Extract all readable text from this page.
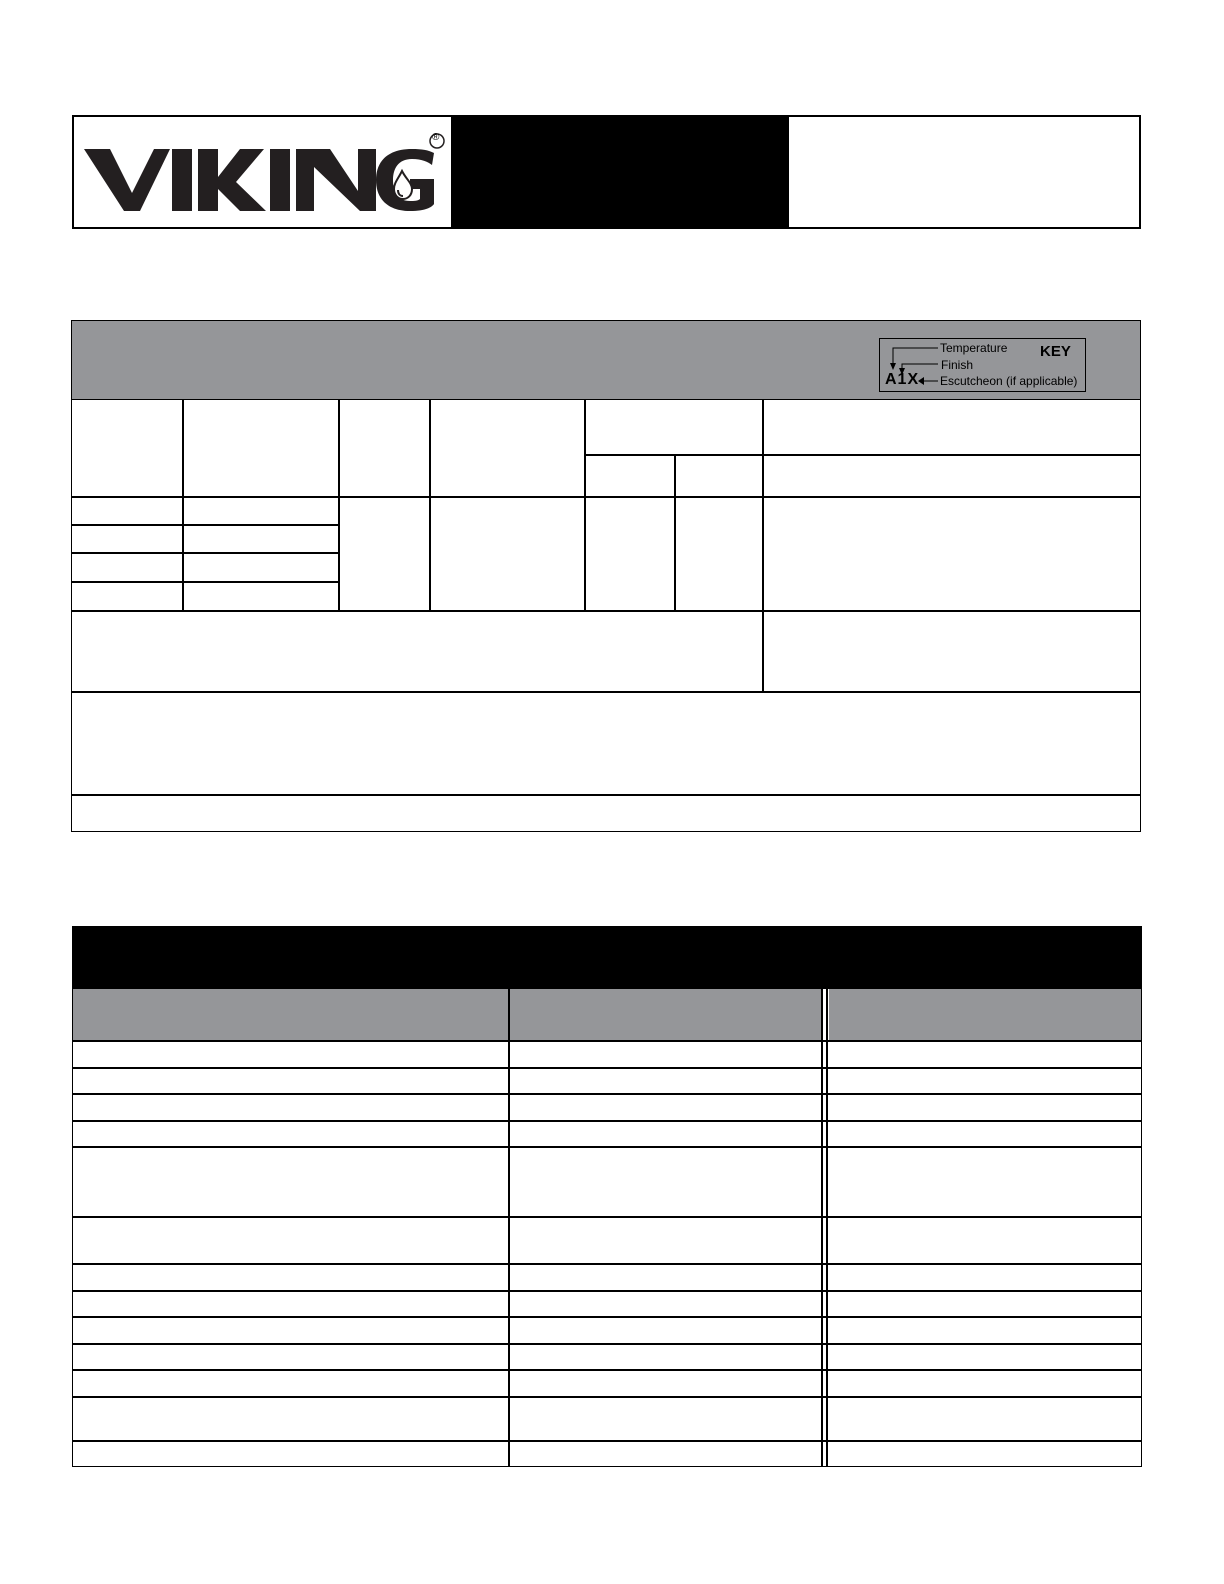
®
Temperature
Finish
Escutcheon (if applicable)
KEY
A1X
